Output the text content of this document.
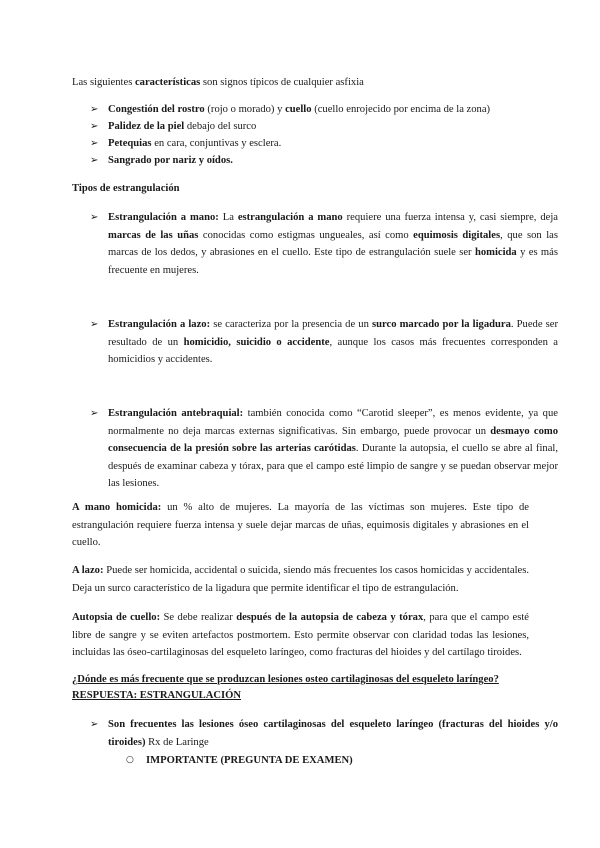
Las siguientes características son signos típicos de cualquier asfixia

➢ Congestión del rostro (rojo o morado) y cuello (cuello enrojecido por encima de la zona)
➢ Palidez de la piel debajo del surco
➢ Petequias en cara, conjuntivas y esclera.
➢ Sangrado por nariz y oídos.

Tipos de estrangulación

➢ Estrangulación a mano: La estrangulación a mano requiere una fuerza intensa y, casi siempre, deja marcas de las uñas conocidas como estigmas ungueales, así como equimosis digitales, que son las marcas de los dedos, y abrasiones en el cuello. Este tipo de estrangulación suele ser homicida y es más frecuente en mujeres.
➢ Estrangulación a lazo: se caracteriza por la presencia de un surco marcado por la ligadura. Puede ser resultado de un homicidio, suicidio o accidente, aunque los casos más frecuentes corresponden a homicidios y accidentes.
➢ Estrangulación antebraquial: también conocida como “Carotid sleeper”, es menos evidente, ya que normalmente no deja marcas externas significativas. Sin embargo, puede provocar un desmayo como consecuencia de la presión sobre las arterias carótidas. Durante la autopsia, el cuello se abre al final, después de examinar cabeza y tórax, para que el campo esté limpio de sangre y se puedan observar mejor las lesiones.

A mano homicida: un % alto de mujeres. La mayoría de las víctimas son mujeres. Este tipo de estrangulación requiere fuerza intensa y suele dejar marcas de uñas, equimosis digitales y abrasiones en el cuello.

A lazo: Puede ser homicida, accidental o suicida, siendo más frecuentes los casos homicidas y accidentales. Deja un surco característico de la ligadura que permite identificar el tipo de estrangulación.

Autopsia de cuello: Se debe realizar después de la autopsia de cabeza y tórax, para que el campo esté libre de sangre y se eviten artefactos postmortem. Esto permite observar con claridad todas las lesiones, incluidas las óseo-cartilaginosas del esqueleto laríngeo, como fracturas del hioides y del cartílago tiroides.

¿Dónde es más frecuente que se produzcan lesiones osteo cartilaginosas del esqueleto laríngeo?

RESPUESTA: ESTRANGULACIÓN

➢ Son frecuentes las lesiones óseo cartilaginosas del esqueleto laríngeo (fracturas del hioides y/o tiroides) Rx de Laringe
○ IMPORTANTE (PREGUNTA DE EXAMEN)
